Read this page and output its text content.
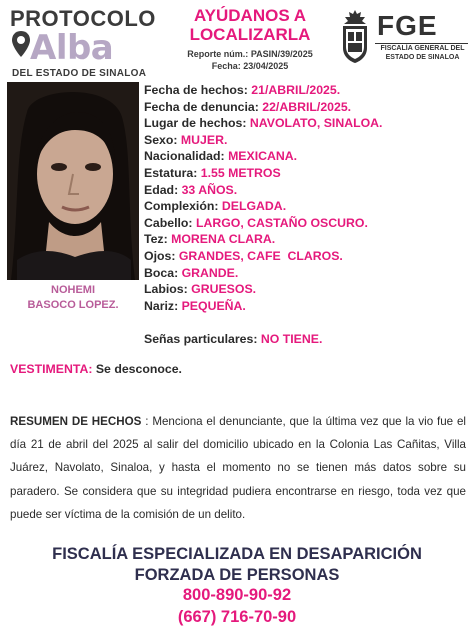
PROTOCOLO
Alba
DEL ESTADO DE SINALOA
AYÚDANOS A
LOCALIZARLA
Reporte núm.: PASIN/39/2025
Fecha: 23/04/2025
FGE
FISCALÍA GENERAL DEL
ESTADO DE SINALOA
NOHEMI
BASOCO LOPEZ.
Fecha de hechos: 21/ABRIL/2025.
Fecha de denuncia: 22/ABRIL/2025.
Lugar de hechos: NAVOLATO, SINALOA.
Sexo: MUJER.
Nacionalidad: MEXICANA.
Estatura: 1.55 METROS
Edad: 33 AÑOS.
Complexión: DELGADA.
Cabello: LARGO, CASTAÑO OSCURO.
Tez: MORENA CLARA.
Ojos: GRANDES, CAFE  CLAROS.
Boca: GRANDE.
Labios: GRUESOS.
Nariz: PEQUEÑA.
Señas particulares: NO TIENE.
VESTIMENTA: Se desconoce.
RESUMEN DE HECHOS : Menciona el denunciante, que la última vez que la vio fue el día 21 de abril del 2025 al salir del domicilio ubicado en la Colonia Las Cañitas, Villa Juárez, Navolato, Sinaloa, y hasta el momento no se tienen más datos sobre su paradero. Se considera que su integridad pudiera encontrarse en riesgo, toda vez que puede ser víctima de la comisión de un delito.
FISCALÍA ESPECIALIZADA EN DESAPARICIÓN
FORZADA DE PERSONAS
800-890-90-92
(667) 716-70-90
